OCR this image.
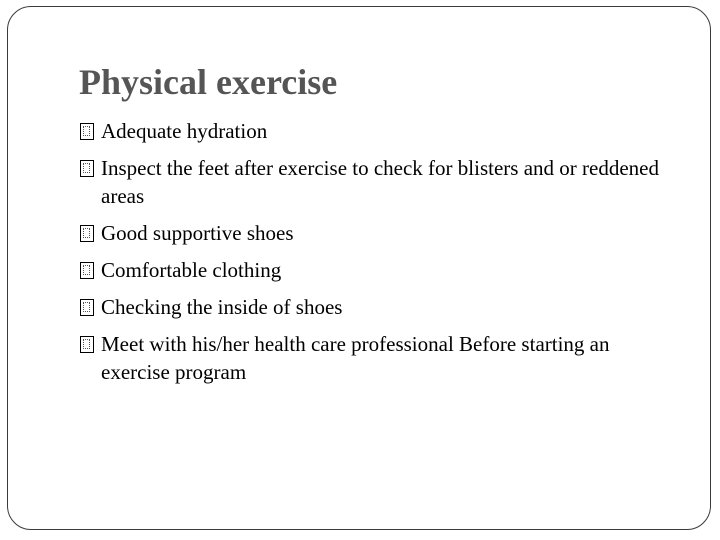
Physical exercise
Adequate hydration
Inspect the feet after exercise to check for blisters and or reddened areas
Good supportive shoes
Comfortable clothing
Checking the inside of shoes
Meet with his/her health care professional Before starting an exercise program
